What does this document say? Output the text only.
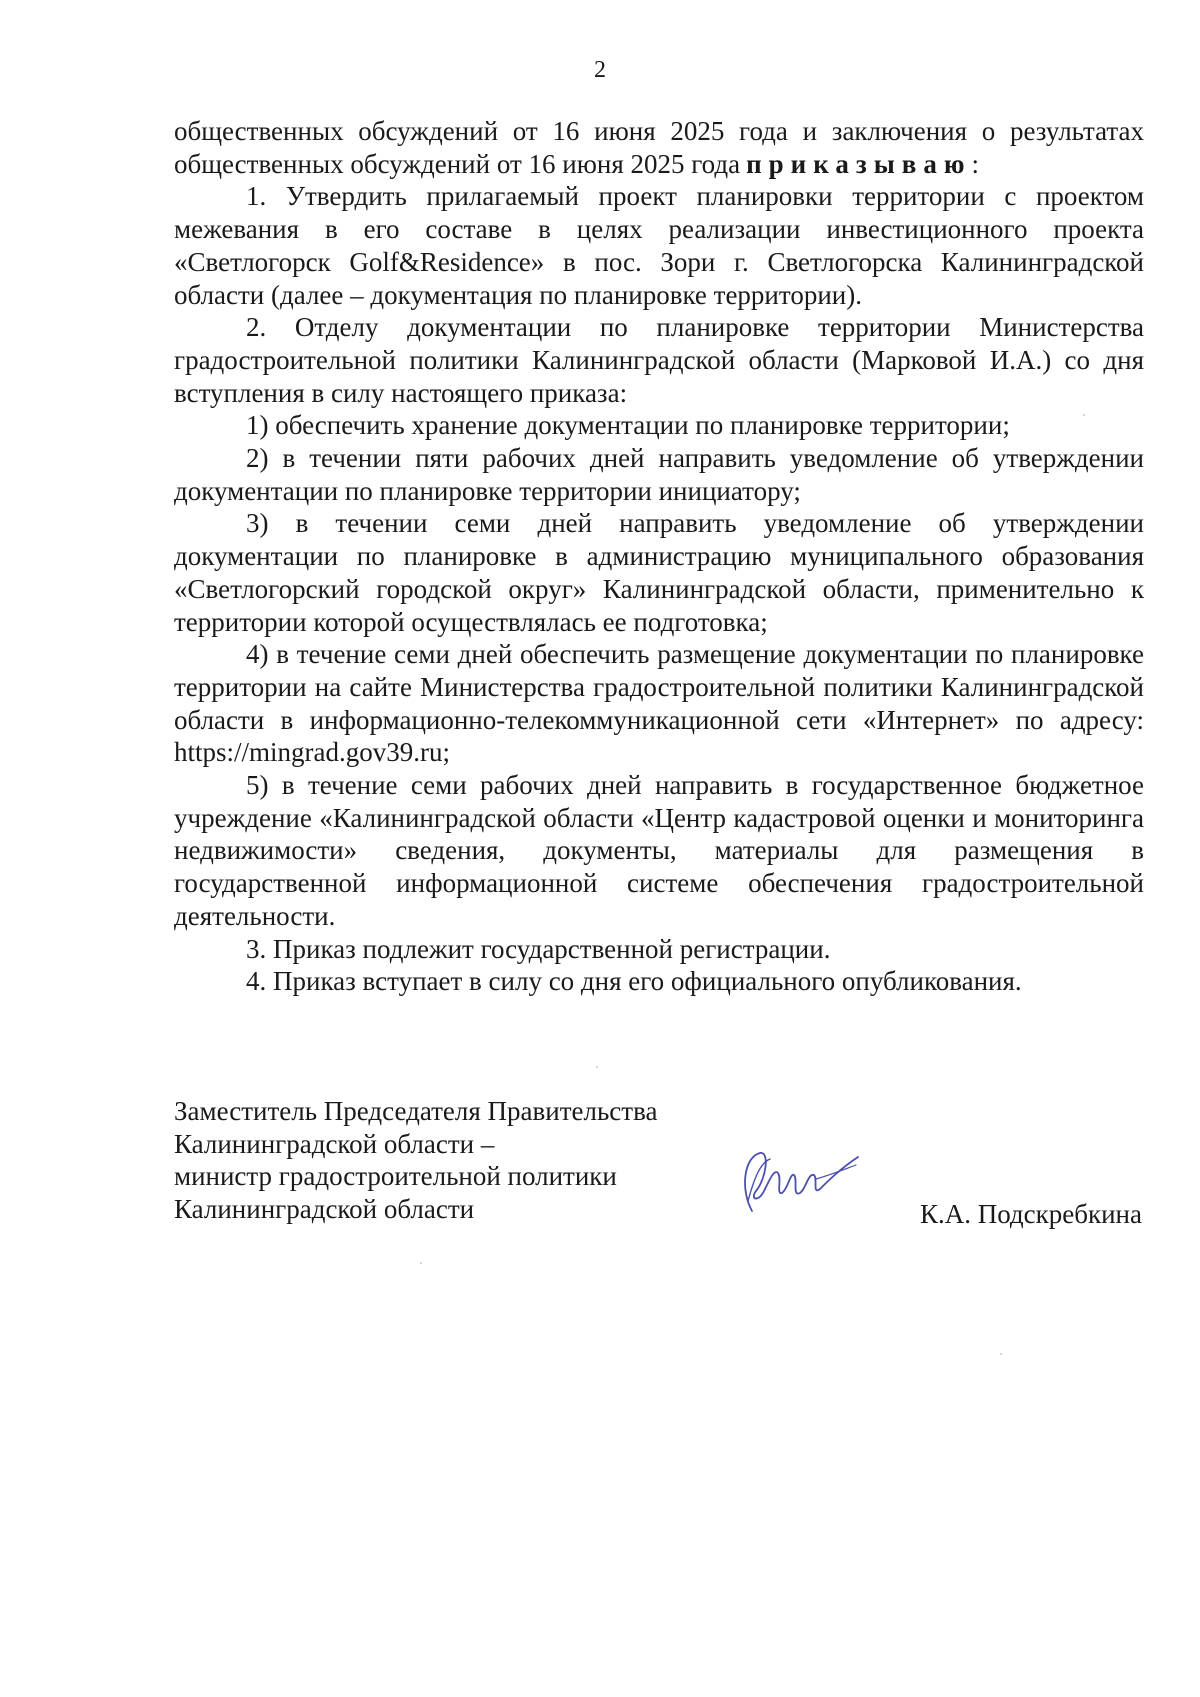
2

общественных обсуждений от 16 июня 2025 года и заключения о результатах

общественных обсуждений от 16 июня 2025 года приказываю:

1. Утвердить прилагаемый проект планировки территории с проектом межевания в его составе в целях реализации инвестиционного проекта «Светлогорск Golf&Residence» в пос. Зори г. Светлогорска Калининградской области (далее – документация по планировке территории).

2. Отделу документации по планировке территории Министерства градостроительной политики Калининградской области (Марковой И.А.) со дня вступления в силу настоящего приказа:

1) обеспечить хранение документации по планировке территории;

2) в течении пяти рабочих дней направить уведомление об утверждении документации по планировке территории инициатору;

3) в течении семи дней направить уведомление об утверждении документации по планировке в администрацию муниципального образования «Светлогорский городской округ» Калининградской области, применительно к территории которой осуществлялась ее подготовка;

4) в течение семи дней обеспечить размещение документации по планировке территории на сайте Министерства градостроительной политики Калининградской области в информационно-телекоммуникационной сети «Интернет» по адресу: https://mingrad.gov39.ru;

5) в течение семи рабочих дней направить в государственное бюджетное учреждение «Калининградской области «Центр кадастровой оценки и мониторинга недвижимости» сведения, документы, материалы для размещения в государственной информационной системе обеспечения градостроительной деятельности.

3. Приказ подлежит государственной регистрации.

4. Приказ вступает в силу со дня его официального опубликования.

Заместитель Председателя Правительства
Калининградской области –
министр градостроительной политики
Калининградской области	К.А. Подскребкина
